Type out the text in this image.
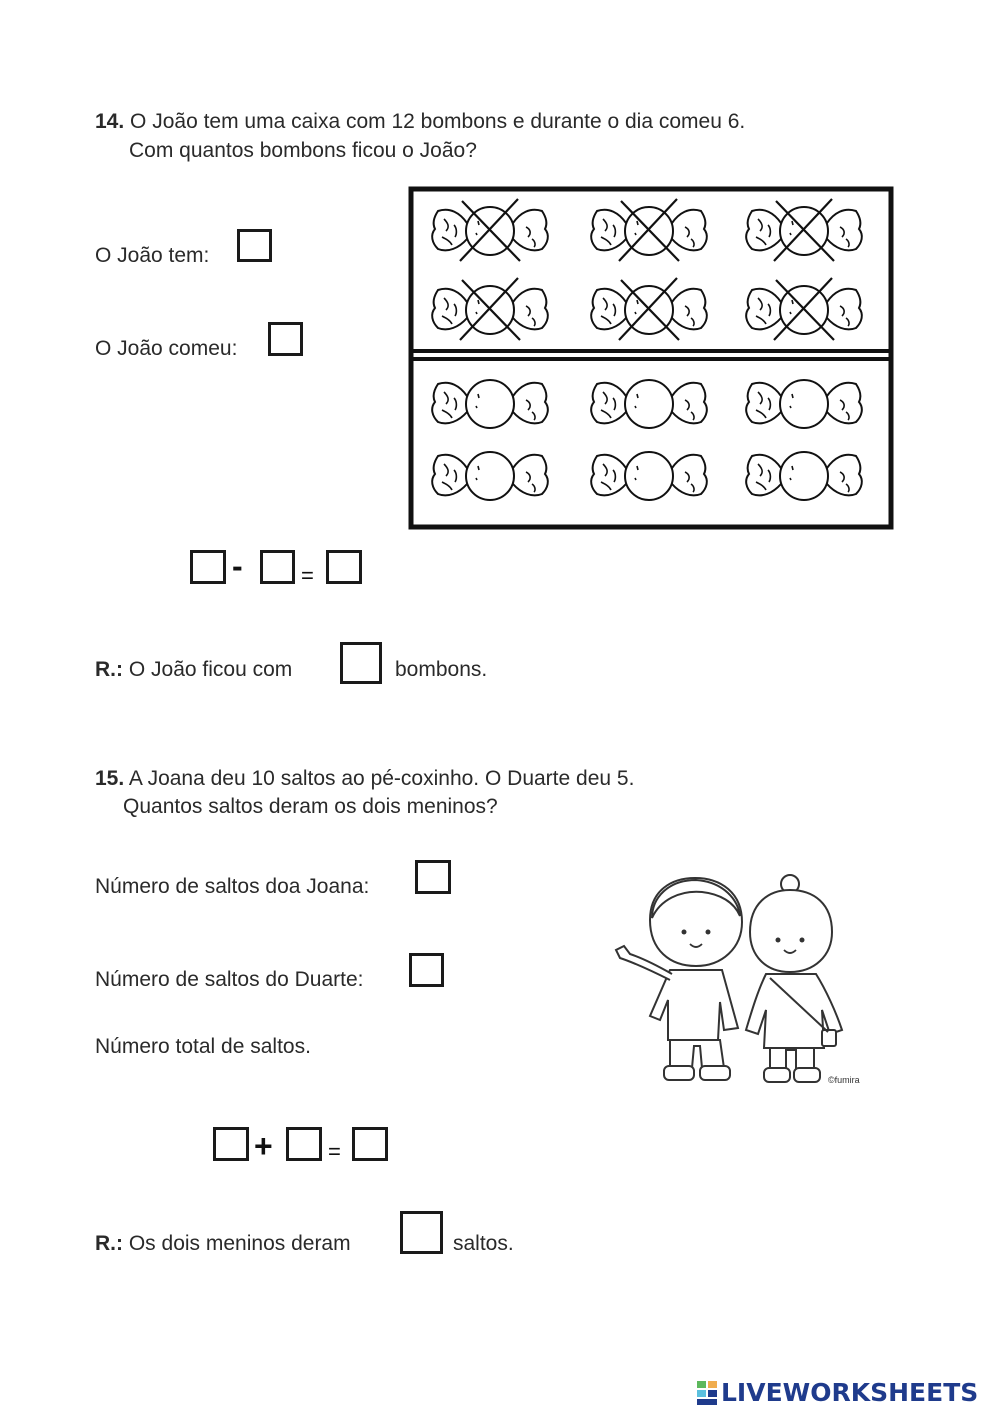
14. O João tem uma caixa com 12 bombons e durante o dia comeu 6.
Com quantos bombons ficou o João?
O João tem:
O João comeu:
-	=
R.: O João ficou com	bombons.
15. A Joana deu 10 saltos ao pé-coxinho. O Duarte deu 5.
Quantos saltos deram os dois meninos?
Número de saltos doa Joana:
Número de saltos do Duarte:
Número total de saltos.
©fumira
+	=
R.: Os dois meninos deram	saltos.
LIVEWORKSHEETS
